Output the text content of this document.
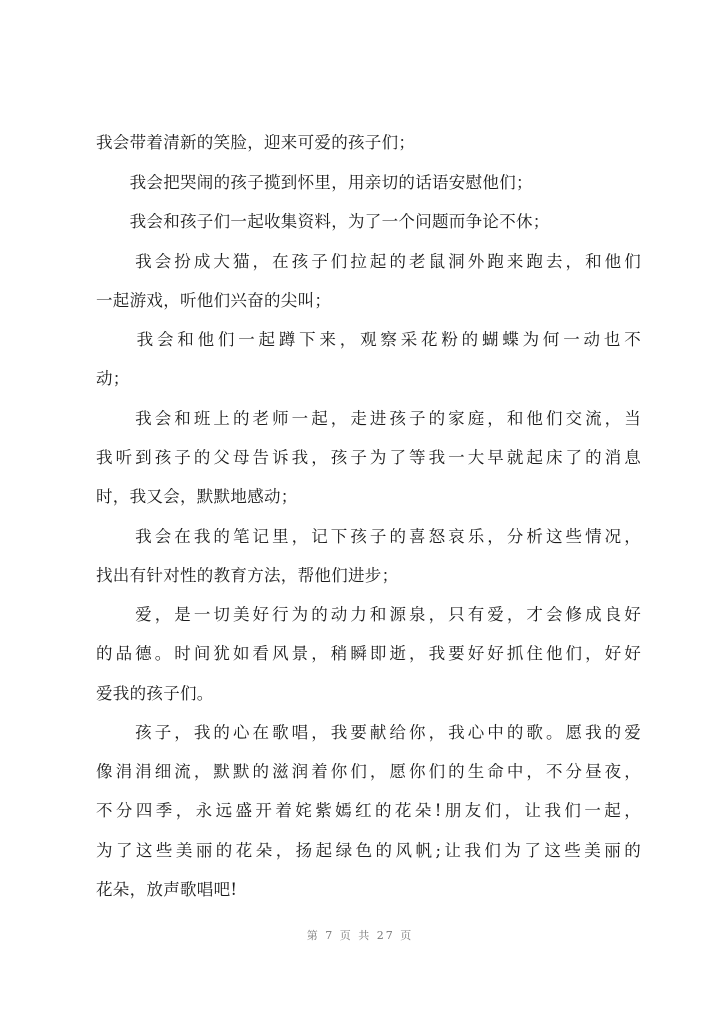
我会带着清新的笑脸，迎来可爱的孩子们；
　　我会把哭闹的孩子揽到怀里，用亲切的话语安慰他们；
　　我会和孩子们一起收集资料，为了一个问题而争论不休；
　　我会扮成大猫，在孩子们拉起的老鼠洞外跑来跑去，和他们
一起游戏，听他们兴奋的尖叫；
　　我会和他们一起蹲下来，观察采花粉的蝴蝶为何一动也不
动；
　　我会和班上的老师一起，走进孩子的家庭，和他们交流，当
我听到孩子的父母告诉我，孩子为了等我一大早就起床了的消息
时，我又会，默默地感动；
　　我会在我的笔记里，记下孩子的喜怒哀乐，分析这些情况，
找出有针对性的教育方法，帮他们进步；
　　爱，是一切美好行为的动力和源泉，只有爱，才会修成良好
的品德。时间犹如看风景，稍瞬即逝，我要好好抓住他们，好好
爱我的孩子们。
　　孩子，我的心在歌唱，我要献给你，我心中的歌。愿我的爱
像涓涓细流，默默的滋润着你们，愿你们的生命中，不分昼夜，
不分四季，永远盛开着姹紫嫣红的花朵!朋友们，让我们一起，
为了这些美丽的花朵，扬起绿色的风帆;让我们为了这些美丽的
花朵，放声歌唱吧!
第 7 页 共 27 页
